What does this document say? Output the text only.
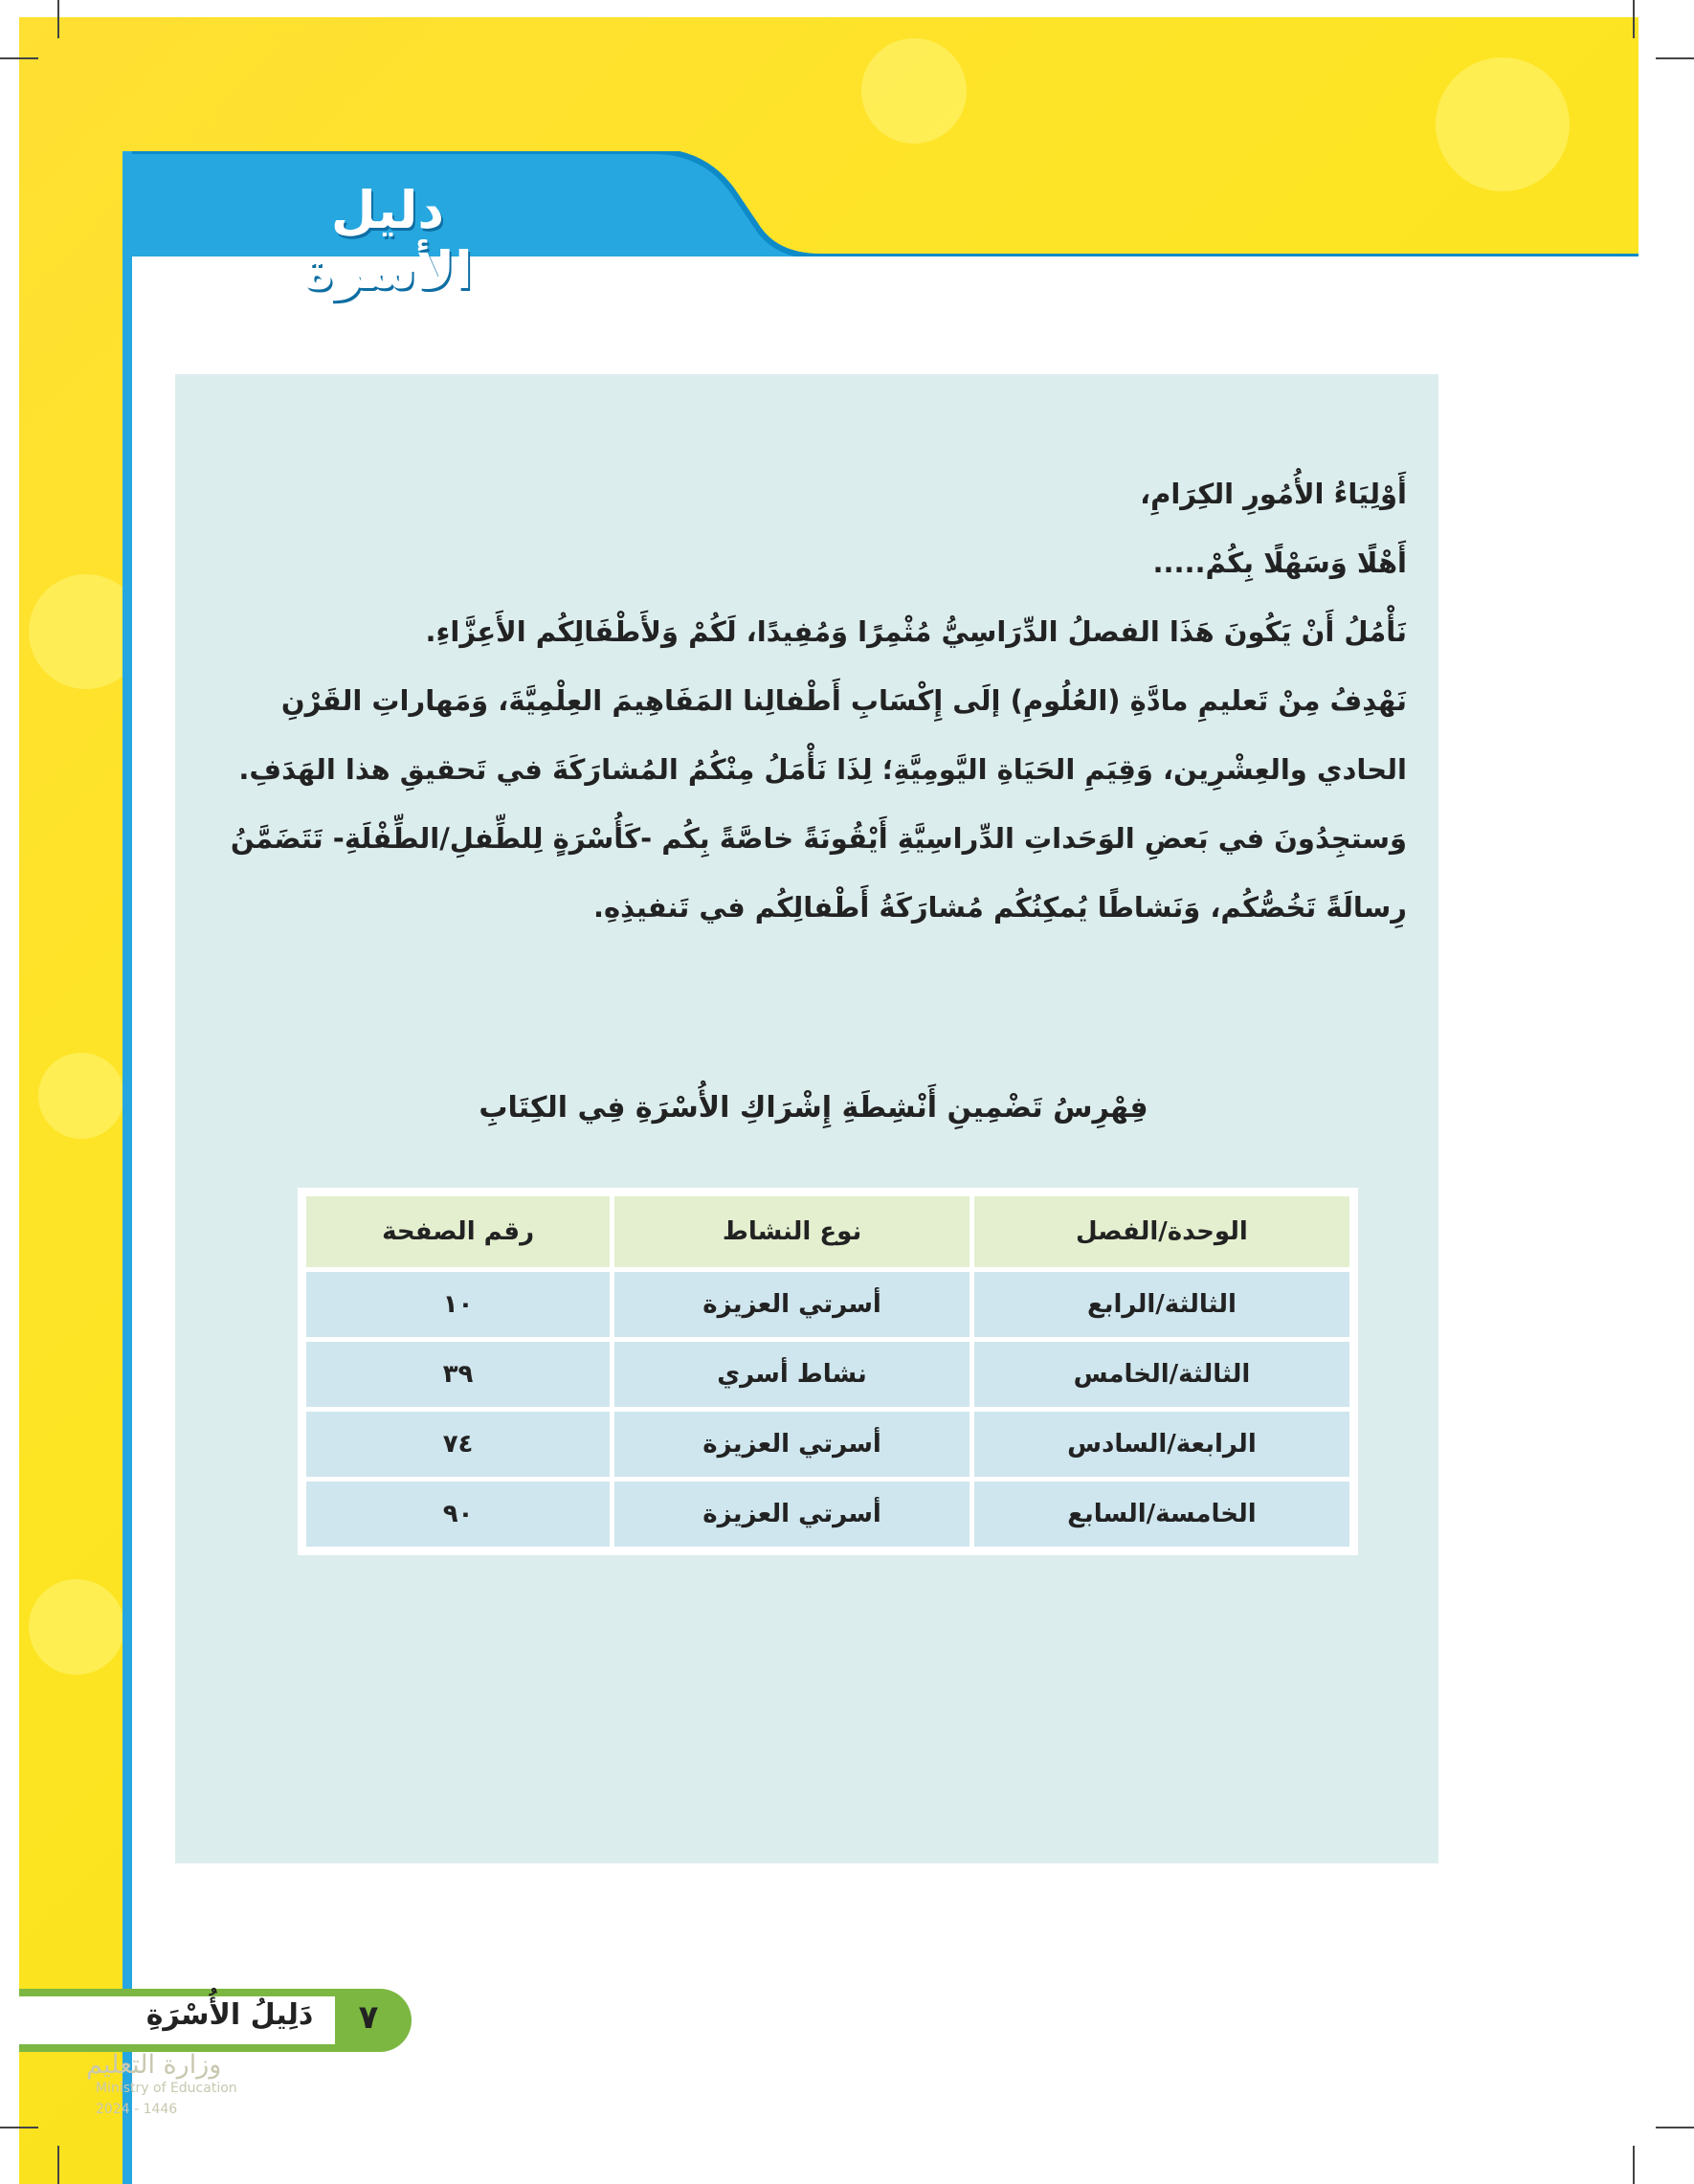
دليل الأسرة

أَوْلِيَاءُ الأُمُورِ الكِرَامِ،

أَهْلًا وَسَهْلًا بِكُمْ.....

نَأْمُلُ أَنْ يَكُونَ هَذَا الفصلُ الدِّرَاسِيُّ مُثْمِرًا وَمُفِيدًا، لَكُمْ وَلأَطْفَالِكُم الأَعِزَّاءِ.

نَهْدِفُ مِنْ تَعليمِ مادَّةِ (العُلُومِ) إلَى إِكْسَابِ أَطْفالِنا المَفَاهِيمَ العِلْمِيَّةَ، وَمَهاراتِ القَرْنِ الحادي والعِشْرِين، وَقِيَمِ الحَيَاةِ اليَّومِيَّةِ؛ لِذَا نَأْمَلُ مِنْكُمُ المُشارَكَةَ في تَحقيقِ هذا الهَدَفِ.

وَستجِدُونَ في بَعضِ الوَحَداتِ الدِّراسِيَّةِ أَيْقُونَةً خاصَّةً بِكُم -كَأُسْرَةٍ لِلطِّفلِ/الطِّفْلَةِ- تَتَضَمَّنُ رِسالَةً تَخُصُّكُم، وَنَشاطًا يُمكِنُكُم مُشارَكَةُ أَطْفالِكُم في تَنفيذِهِ.

فِهْرِسُ تَضْمِينِ أَنْشِطَةِ إِشْرَاكِ الأُسْرَةِ فِي الكِتَابِ
الوحدة/الفصل	نوع النشاط	رقم الصفحة
الثالثة/الرابع	أسرتي العزيزة	١٠
الثالثة/الخامس	نشاط أسري	٣٩
الرابعة/السادس	أسرتي العزيزة	٧٤
الخامسة/السابع	أسرتي العزيزة	٩٠
دَلِيلُ الأُسْرَةِ	٧
وزارة التعليم
Ministry of Education
2024 - 1446
